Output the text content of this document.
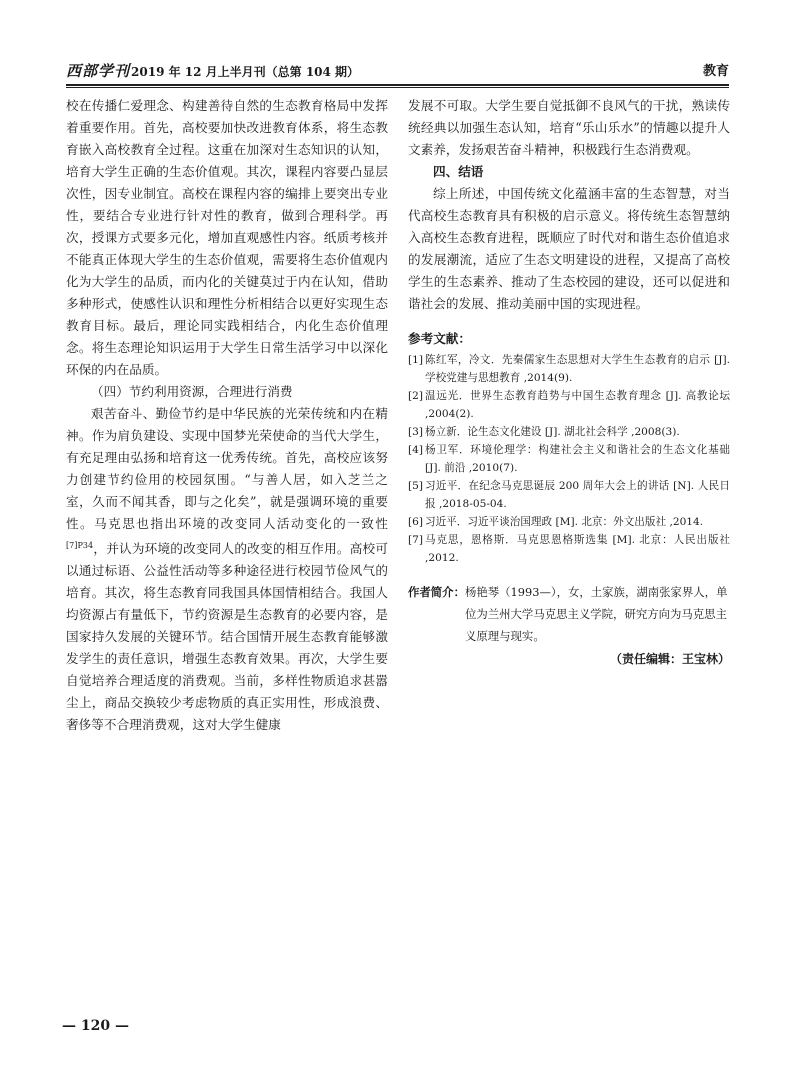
西部学刊2019 年 12 月上半月刊（总第 104 期）	教育

校在传播仁爱理念、构建善待自然的生态教育格局中发挥着重要作用。首先，高校要加快改进教育体系，将生态教育嵌入高校教育全过程。这重在加深对生态知识的认知，培育大学生正确的生态价值观。其次，课程内容要凸显层次性，因专业制宜。高校在课程内容的编排上要突出专业性，要结合专业进行针对性的教育，做到合理科学。再次，授课方式要多元化，增加直观感性内容。纸质考核并不能真正体现大学生的生态价值观，需要将生态价值观内化为大学生的品质，而内化的关键莫过于内在认知，借助多种形式，使感性认识和理性分析相结合以更好实现生态教育目标。最后，理论同实践相结合，内化生态价值理念。将生态理论知识运用于大学生日常生活学习中以深化环保的内在品质。

（四）节约利用资源，合理进行消费

艰苦奋斗、勤俭节约是中华民族的光荣传统和内在精神。作为肩负建设、实现中国梦光荣使命的当代大学生，有充足理由弘扬和培育这一优秀传统。首先，高校应该努力创建节约俭用的校园氛围。“与善人居，如入芝兰之室，久而不闻其香，即与之化矣”，就是强调环境的重要性。马克思也指出环境的改变同人活动变化的一致性$^{[7]P34}$，并认为环境的改变同人的改变的相互作用。高校可以通过标语、公益性活动等多种途径进行校园节俭风气的培育。其次，将生态教育同我国具体国情相结合。我国人均资源占有量低下，节约资源是生态教育的必要内容，是国家持久发展的关键环节。结合国情开展生态教育能够激发学生的责任意识，增强生态教育效果。再次，大学生要自觉培养合理适度的消费观。当前，多样性物质追求甚嚣尘上，商品交换较少考虑物质的真正实用性，形成浪费、奢侈等不合理消费观，这对大学生健康

发展不可取。大学生要自觉抵御不良风气的干扰，熟读传统经典以加强生态认知，培育“乐山乐水”的情趣以提升人文素养，发扬艰苦奋斗精神，积极践行生态消费观。

四、结语

综上所述，中国传统文化蕴涵丰富的生态智慧，对当代高校生态教育具有积极的启示意义。将传统生态智慧纳入高校生态教育进程，既顺应了时代对和谐生态价值追求的发展潮流，适应了生态文明建设的进程，又提高了高校学生的生态素养、推动了生态校园的建设，还可以促进和谐社会的发展、推动美丽中国的实现进程。

参考文献：
[1] 陈红军，冷文．先秦儒家生态思想对大学生生态教育的启示 [J]. 学校党建与思想教育 ,2014(9).
[2] 温远光．世界生态教育趋势与中国生态教育理念 [J]. 高教论坛 ,2004(2).
[3] 杨立新．论生态文化建设 [J]. 湖北社会科学 ,2008(3).
[4] 杨卫军．环境伦理学：构建社会主义和谐社会的生态文化基础 [J]. 前沿 ,2010(7).
[5] 习近平．在纪念马克思诞辰 200 周年大会上的讲话 [N]. 人民日报 ,2018-05-04.
[6] 习近平．习近平谈治国理政 [M]. 北京：外文出版社 ,2014.
[7] 马克思，恩格斯．马克思恩格斯选集 [M]. 北京：人民出版社 ,2012.
作者简介： 杨艳琴（1993—），女，土家族，湖南张家界人，单位为兰州大学马克思主义学院，研究方向为马克思主义原理与现实。
（责任编辑：王宝林）
— 120 —
